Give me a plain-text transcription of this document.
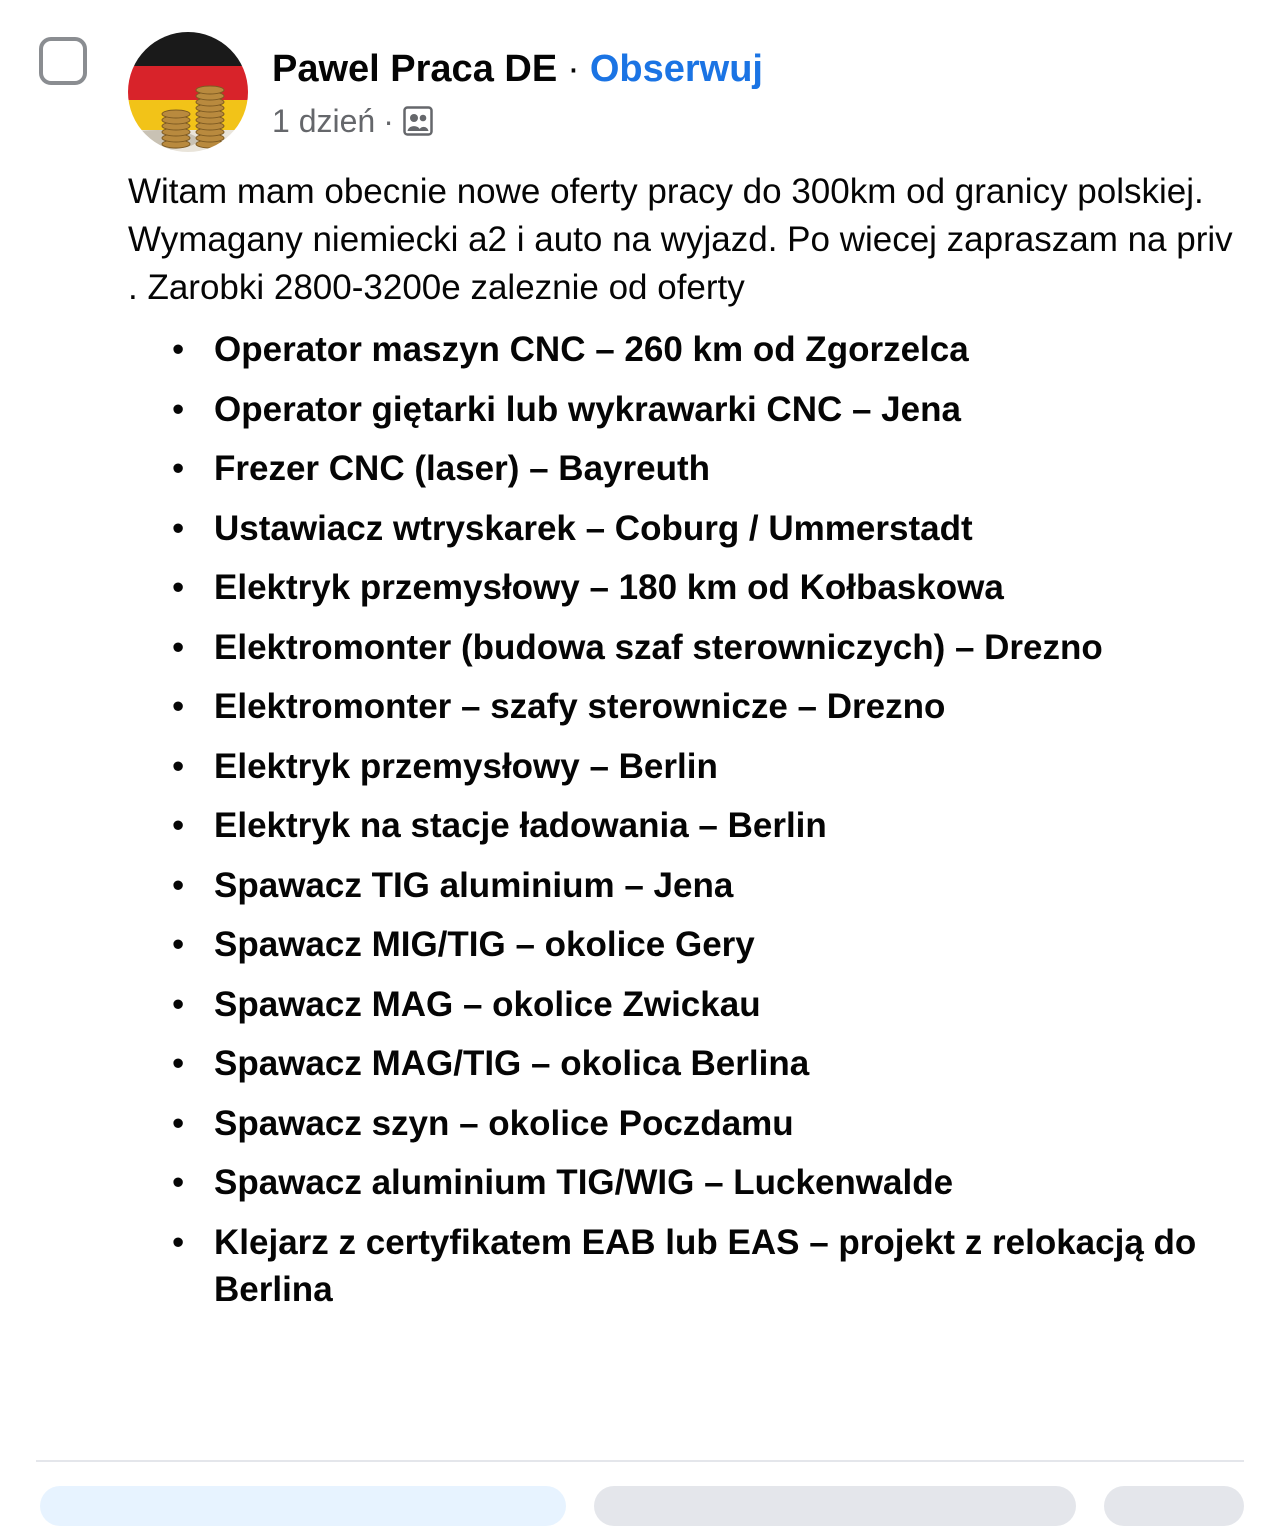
Pawel Praca DE · Obserwuj
1 dzień ·

Witam mam obecnie nowe oferty pracy do 300km od granicy polskiej. Wymagany niemiecki a2 i auto na wyjazd. Po wiecej zapraszam na priv . Zarobki 2800-3200e zaleznie od oferty

• Operator maszyn CNC – 260 km od Zgorzelca
• Operator giętarki lub wykrawarki CNC – Jena
• Frezer CNC (laser) – Bayreuth
• Ustawiacz wtryskarek – Coburg / Ummerstadt
• Elektryk przemysłowy – 180 km od Kołbaskowa
• Elektromonter (budowa szaf sterowniczych) – Drezno
• Elektromonter – szafy sterownicze – Drezno
• Elektryk przemysłowy – Berlin
• Elektryk na stacje ładowania – Berlin
• Spawacz TIG aluminium – Jena
• Spawacz MIG/TIG – okolice Gery
• Spawacz MAG – okolice Zwickau
• Spawacz MAG/TIG – okolica Berlina
• Spawacz szyn – okolice Poczdamu
• Spawacz aluminium TIG/WIG – Luckenwalde
• Klejarz z certyfikatem EAB lub EAS – projekt z relokacją do Berlina
